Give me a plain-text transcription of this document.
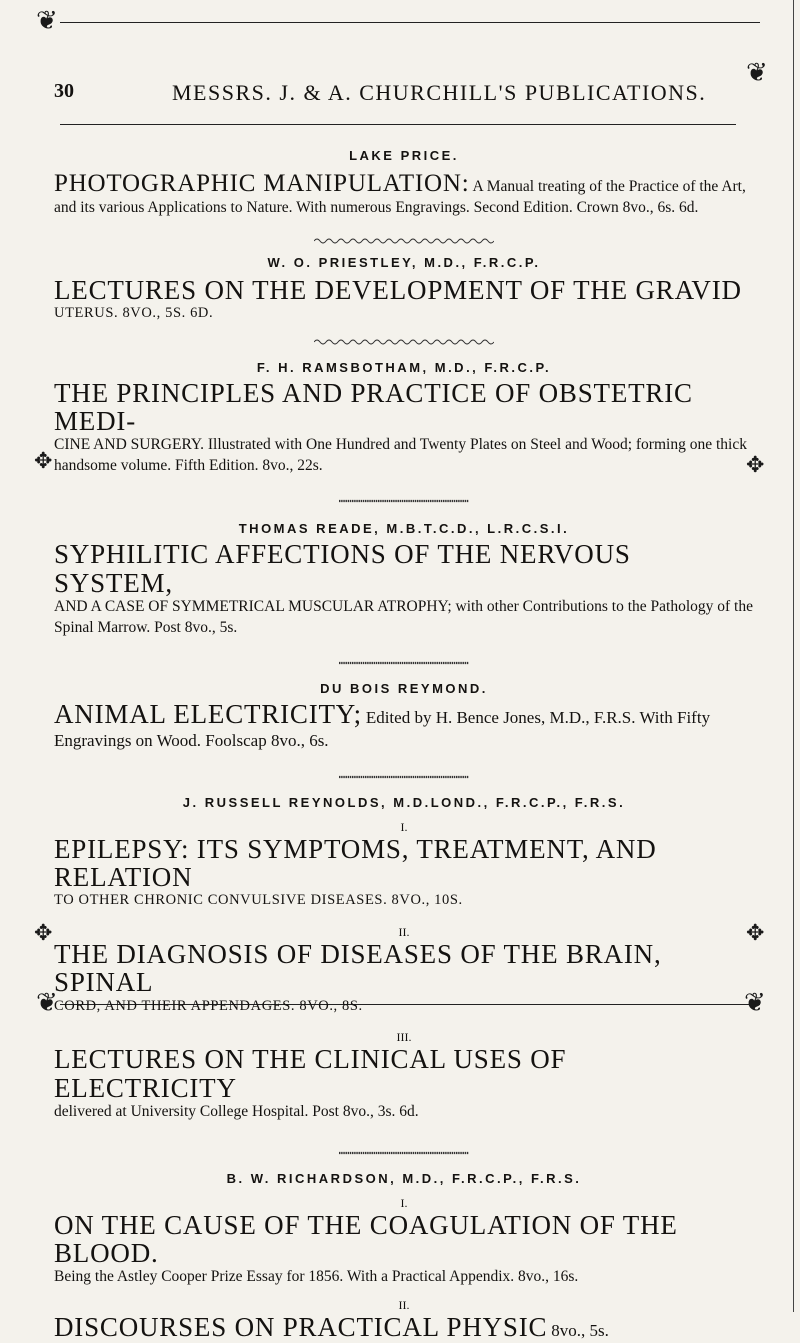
❦
❦
❦	❦
✥	✥
✥	✥
30	MESSRS. J. & A. CHURCHILL'S PUBLICATIONS.

LAKE PRICE.

PHOTOGRAPHIC MANIPULATION: A Manual treating of the Practice of the Art, and its various Applications to Nature. With numerous Engravings. Second Edition. Crown 8vo., 6s. 6d.

W. O. PRIESTLEY, M.D., F.R.C.P.

LECTURES ON THE DEVELOPMENT OF THE GRAVID

UTERUS. 8VO., 5S. 6D.

F. H. RAMSBOTHAM, M.D., F.R.C.P.

THE PRINCIPLES AND PRACTICE OF OBSTETRIC MEDI-

CINE AND SURGERY. Illustrated with One Hundred and Twenty Plates on Steel and Wood; forming one thick handsome volume. Fifth Edition. 8vo., 22s.

THOMAS READE, M.B.T.C.D., L.R.C.S.I.

SYPHILITIC AFFECTIONS OF THE NERVOUS SYSTEM,

AND A CASE OF SYMMETRICAL MUSCULAR ATROPHY; with other Contributions to the Pathology of the Spinal Marrow. Post 8vo., 5s.

DU BOIS REYMOND.

ANIMAL ELECTRICITY; Edited by H. Bence Jones, M.D., F.R.S. With Fifty Engravings on Wood. Foolscap 8vo., 6s.

J. RUSSELL REYNOLDS, M.D.LOND., F.R.C.P., F.R.S.

I.

EPILEPSY: ITS SYMPTOMS, TREATMENT, AND RELATION

TO OTHER CHRONIC CONVULSIVE DISEASES. 8VO., 10S.

II.

THE DIAGNOSIS OF DISEASES OF THE BRAIN, SPINAL

CORD, AND THEIR APPENDAGES. 8VO., 8S.

III.

LECTURES ON THE CLINICAL USES OF ELECTRICITY

delivered at University College Hospital. Post 8vo., 3s. 6d.

B. W. RICHARDSON, M.D., F.R.C.P., F.R.S.

I.

ON THE CAUSE OF THE COAGULATION OF THE BLOOD.

Being the Astley Cooper Prize Essay for 1856. With a Practical Appendix. 8vo., 16s.

II.

DISCOURSES ON PRACTICAL PHYSIC 8vo., 5s.
